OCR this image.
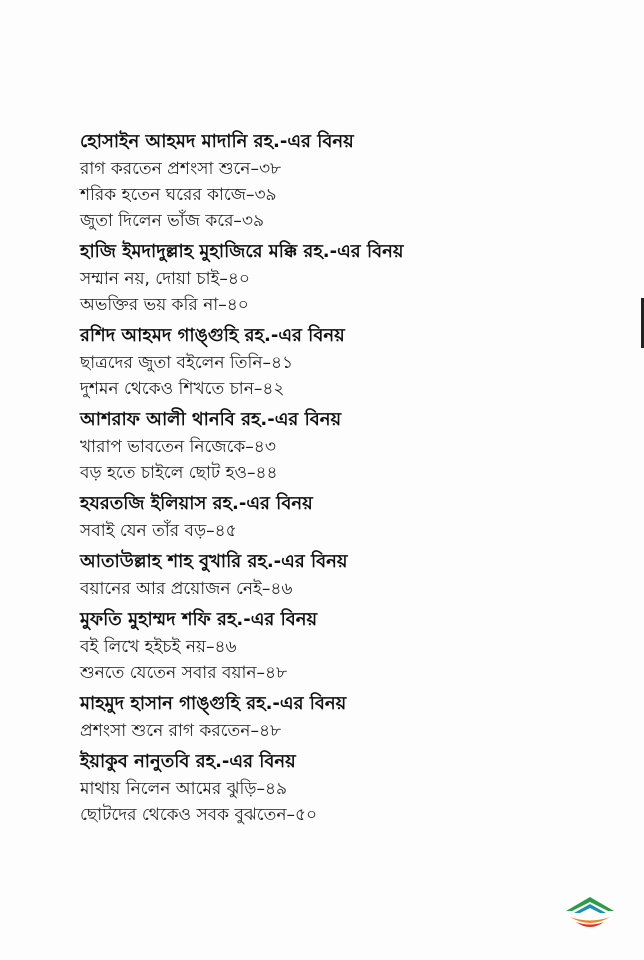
হোসাইন আহমদ মাদানি রহ.-এর বিনয়
রাগ করতেন প্রশংসা শুনে–৩৮
শরিক হতেন ঘরের কাজে–৩৯
জুতা দিলেন ভাঁজ করে–৩৯
হাজি ইমদাদুল্লাহ মুহাজিরে মক্কি রহ.-এর বিনয়
সম্মান নয়, দোয়া চাই–৪০
অভক্তির ভয় করি না–৪০
রশিদ আহমদ গাঙ্গুহি রহ.-এর বিনয়
ছাত্রদের জুতা বইলেন তিনি–৪১
দুশমন থেকেও শিখতে চান–৪২
আশরাফ আলী থানবি রহ.-এর বিনয়
খারাপ ভাবতেন নিজেকে–৪৩
বড় হতে চাইলে ছোট হও–৪৪
হযরতজি ইলিয়াস রহ.-এর বিনয়
সবাই যেন তাঁর বড়–৪৫
আতাউল্লাহ শাহ বুখারি রহ.-এর বিনয়
বয়ানের আর প্রয়োজন নেই–৪৬
মুফতি মুহাম্মদ শফি রহ.-এর বিনয়
বই লিখে হইচই নয়–৪৬
শুনতে যেতেন সবার বয়ান–৪৮
মাহমুদ হাসান গাঙ্গুহি রহ.-এর বিনয়
প্রশংসা শুনে রাগ করতেন–৪৮
ইয়াকুব নানুতবি রহ.-এর বিনয়
মাথায় নিলেন আমের ঝুড়ি–৪৯
ছোটদের থেকেও সবক বুঝতেন–৫০
